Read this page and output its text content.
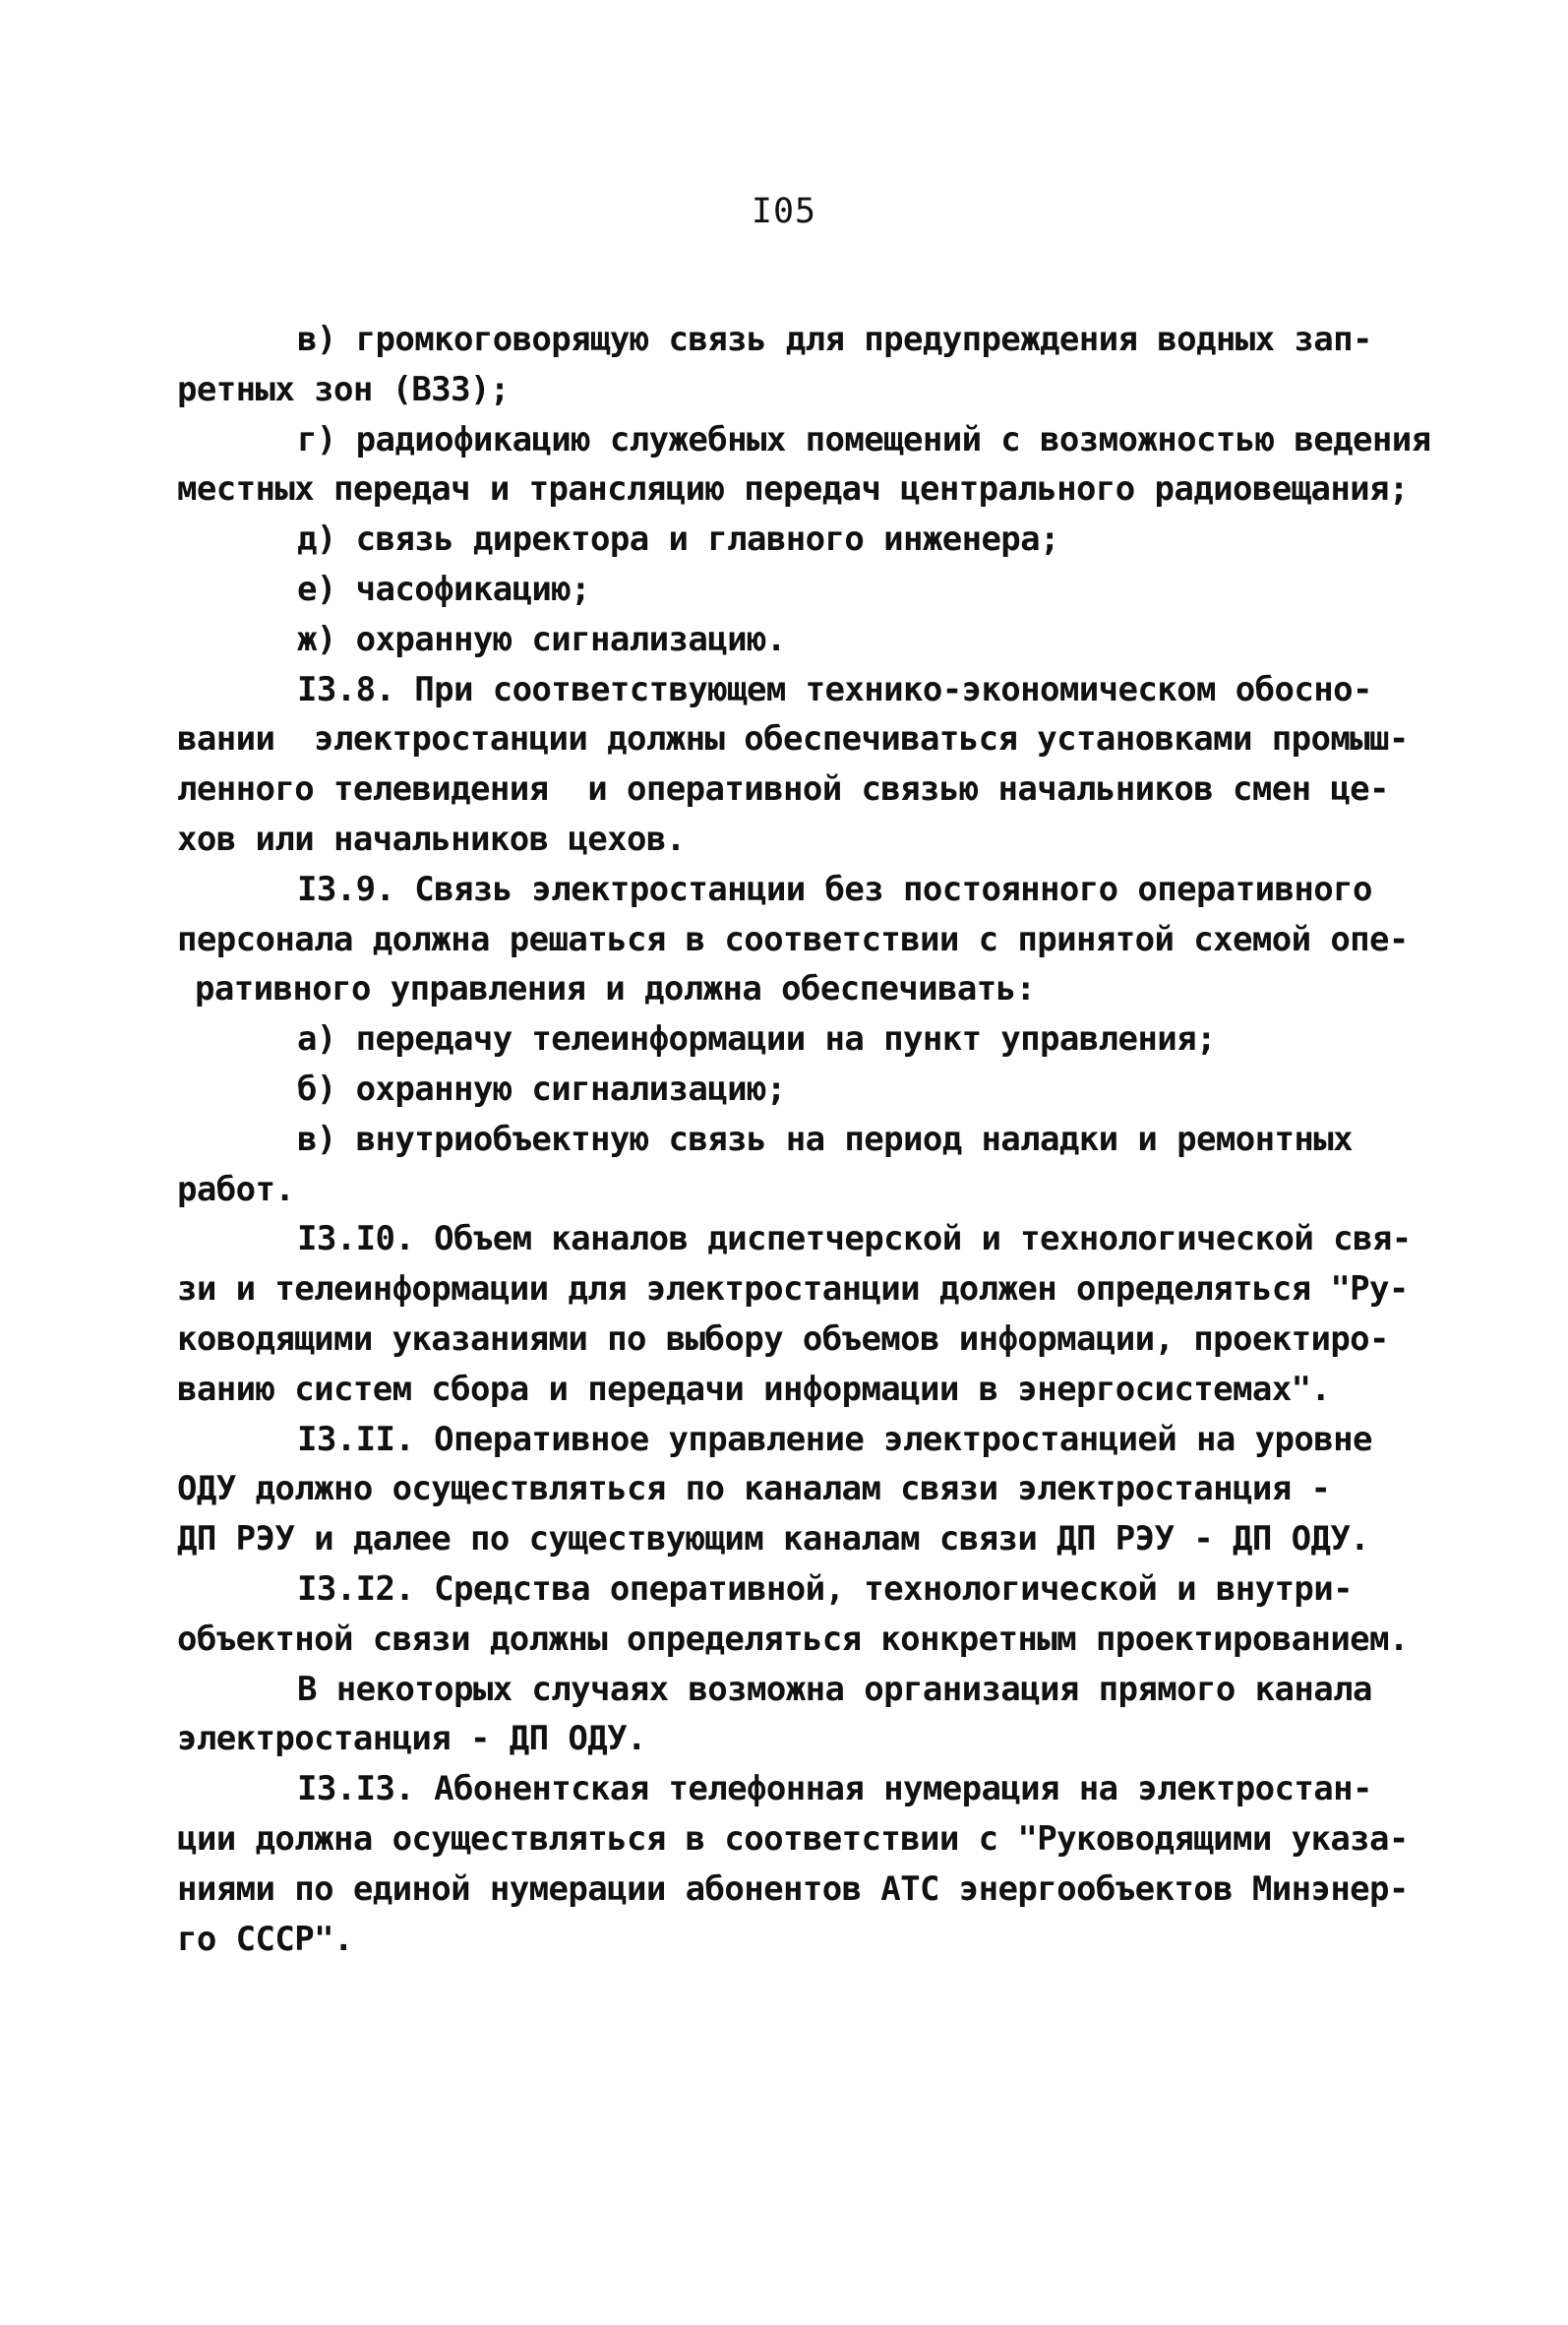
I05
в) громкоговорящую связь для предупреждения водных зап-
ретных зон (ВЗЗ);
г) радиофикацию служебных помещений с возможностью ведения
местных передач и трансляцию передач центрального радиовещания;
д) связь директора и главного инженера;
е) часофикацию;
ж) охранную сигнализацию.
I3.8. При соответствующем технико-экономическом обосно-
вании  электростанции должны обеспечиваться установками промыш-
ленного телевидения  и оперативной связью начальников смен це-
хов или начальников цехов.
I3.9. Связь электростанции без постоянного оперативного
персонала должна решаться в соответствии с принятой схемой опе-
ративного управления и должна обеспечивать:
а) передачу телеинформации на пункт управления;
б) охранную сигнализацию;
в) внутриобъектную связь на период наладки и ремонтных
работ.
I3.I0. Объем каналов диспетчерской и технологической свя-
зи и телеинформации для электростанции должен определяться "Ру-
ководящими указаниями по выбору объемов информации, проектиро-
ванию систем сбора и передачи информации в энергосистемах".
I3.II. Оперативное управление электростанцией на уровне
ОДУ должно осуществляться по каналам связи электростанция -
ДП РЭУ и далее по существующим каналам связи ДП РЭУ - ДП ОДУ.
I3.I2. Средства оперативной, технологической и внутри-
объектной связи должны определяться конкретным проектированием.
В некоторых случаях возможна организация прямого канала
электростанция - ДП ОДУ.
I3.I3. Абонентская телефонная нумерация на электростан-
ции должна осуществляться в соответствии с "Руководящими указа-
ниями по единой нумерации абонентов АТС энергообъектов Минэнер-
го СССР".
